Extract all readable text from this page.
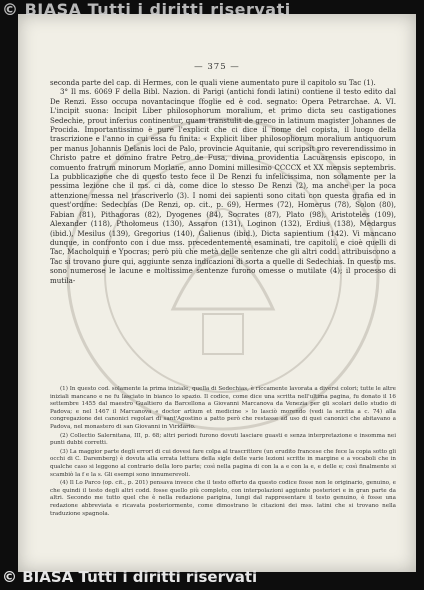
— 375 —

seconda parte del cap. di Hermes, con le quali viene aumentato pure il capitolo su Tac (1).

3° Il ms. 6069 F della Bibl. Nazion. di Parigi (antichi fondi latini) contiene il testo edito dal De Renzi. Esso occupa novantacinque ſfoglie ed è cod. segnato: Opera Petrarchae. A. VI. L'incipit suona: Incipit Liber philosophorum moralium, et primo dicta seu castigationes Sedechie, prout inferius continentur, quam transtulit de greco in latinum magister Johannes de Procida. Importantissimo è pure l'explicit che ci dice il nome del copista, il luogo della trascrizione e l'anno in cui essa fu finita: « Explicit liber philosophorum moralium antiquorum per manus Johannis Delanis loci de Palo, provincie Aquitanie, qui scripsit pro reverendissimo in Christo patre et domino fratre Petro de Fusa, divina providentia Lacuarensis episcopo, in comuento fratrum minorum Morlane, anno Domini millesimo CCCCX et XX mensis septembris. La pubblicazione che di questo testo fece il De Renzi fu infelicissima, non solamente per la pessima lezione che il ms. ci dà, come dice lo stesso De Renzi (2), ma anche per la poca attenzione messa nel trascriverlo (3). I nomi dei sapienti sono citati con questa grafia ed in quest'ordine: Sedechias (De Renzi, op. cit., p. 69), Hermes (72), Homerus (78), Solon (80), Fabian (81), Pithagoras (82), Dyogenes (84), Socrates (87), Plato (98), Aristoteles (109), Alexander (118), Pthołomeus (130), Assaron (131), Loginon (132), Erdius (138), Medargus (ibid.), Mesilus (139), Gregorius (140), Galienus (ibid.), Dicta sapientium (142). Vi mancano dunque, in confronto con i due mss. precedentemente esaminati, tre capitoli, e cioè quelli di Tac, Macholquin e Ypocras; però più che metà delle sentenze che gli altri codd. attribuiscono a Tac si trovano pure qui, aggiunte senza indicazioni di sorta a quelle di Sedechias. In questo ms. sono numerose le lacune e moltissime sentenze furono omesse o mutilate (4); il processo di mutila-

(1) In questo cod. solamente la prima iniziale, quella di Sedechias, è riccamente lavorata a diversi colori; tutte le altre iniziali mancano e ne fu lasciato in bianco lo spazio. Il codice, come dice una scritta nell'ultima pagina, fu donato il 16 settembre 1455 dal maestro Gualtiero da Barcellona a Giovanni Marcanova da Venezia per gli scolari dello studio di Padova; e nel 1467 il Marcanova « doctor artium et medicine » lo lasciò morendo (vedi la scritta a c. 74) alla congregazione dei canonici regolari di sant'Agostino a patto però che restasse ad uso di quei canonici che abitavano a Padova, nel monastero di san Giovanni in Viridario.

(2) Collectio Salernitana, III, p. 68; altri periodi furono dovuti lasciare guasti e senza interpretazione e insomma nei punti dubbi corretti.

(3) La maggior parte degli errori di cui dovesi fare colpa al trascrittore (un erudito francese che fece la copia sotto gli occhi di C. Daremberg) è dovuta alla errata lettura della sigle delle varie lezioni scritte in margine e a vocaboli che in qualche caso si leggono al contrario della loro parte; così nella pagina di con la a e con la e, e delle e; così finalmente si scambiò la f e la s. Gli esempi sono innumerevoli.

(4) Il Lo Parco (op. cit., p. 201) pensava invece che il testo offerto da questo codice fosse non le originario, genuino, e che quindi il testo degli altri codd. fosse quello più completo, con interpolazioni aggiunte posteriori e in gran parte da altri. Secondo me tutto quel che è nella redazione parigina, lungi dal rappresentare il testo genuino, è fosse una redazione abbreviata e ricavata posteriormente, come dimostrano le citazioni dei mss. latini che si trovano nella traduzione spagnola.

© BIASA Tutti i diritti riservati
© BIASA Tutti i diritti riservati
